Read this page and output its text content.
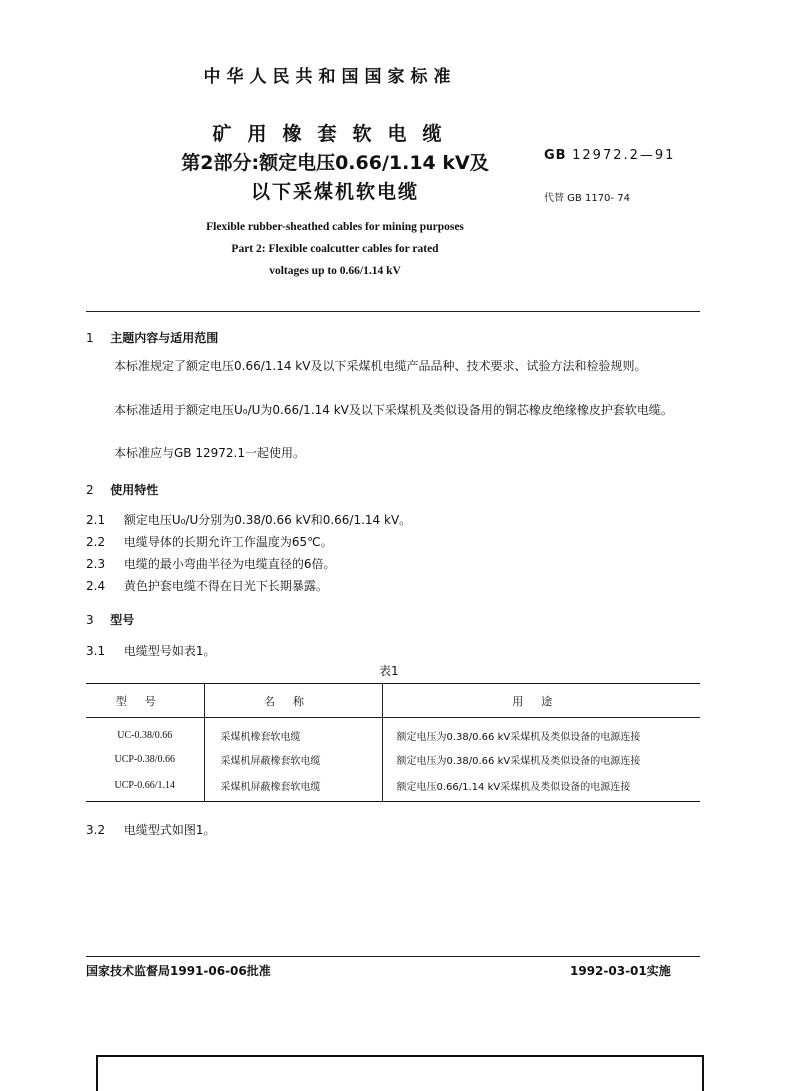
中华人民共和国国家标准
矿用橡套软电缆
第2部分:额定电压0.66/1.14 kV及
以下采煤机软电缆
GB 12972.2—91
代替 GB 1170- 74
Flexible rubber-sheathed cables for mining purposes
Part 2: Flexible coalcutter cables for rated
voltages up to 0.66/1.14 kV
1 主题内容与适用范围
本标准规定了额定电压0.66/1.14 kV及以下采煤机电缆产品品种、技术要求、试验方法和检验规则。
本标准适用于额定电压U₀/U为0.66/1.14 kV及以下采煤机及类似设备用的铜芯橡皮绝缘橡皮护套软电缆。
本标准应与GB 12972.1一起使用。
2 使用特性
2.1 额定电压U₀/U分别为0.38/0.66 kV和0.66/1.14 kV。
2.2 电缆导体的长期允许工作温度为65℃。
2.3 电缆的最小弯曲半径为电缆直径的6倍。
2.4 黄色护套电缆不得在日光下长期暴露。
3 型号
3.1 电缆型号如表1。
表1
型号	名称	用途
UC-0.38/0.66	采煤机橡套软电缆	额定电压为0.38/0.66 kV采煤机及类似设备的电源连接
UCP-0.38/0.66	采煤机屏蔽橡套软电缆	额定电压为0.38/0.66 kV采煤机及类似设备的电源连接
UCP-0.66/1.14	采煤机屏蔽橡套软电缆	额定电压0.66/1.14 kV采煤机及类似设备的电源连接
3.2 电缆型式如图1。
国家技术监督局1991-06-06批准	1992-03-01实施
